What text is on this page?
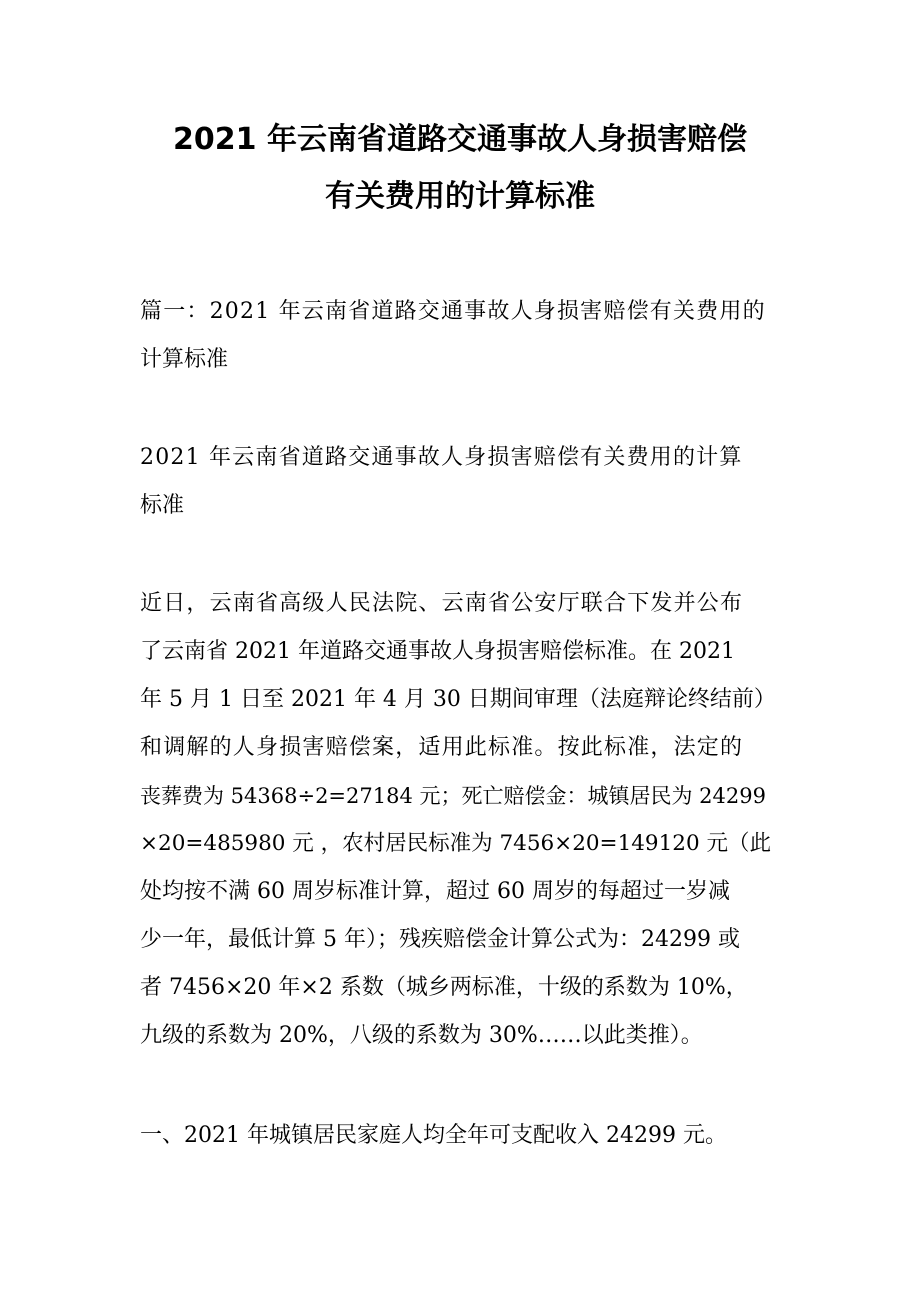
2021 年云南省道路交通事故人身损害赔偿
有关费用的计算标准
篇一：2021 年云南省道路交通事故人身损害赔偿有关费用的
计算标准
2021 年云南省道路交通事故人身损害赔偿有关费用的计算
标准
近日，云南省高级人民法院、云南省公安厅联合下发并公布
了云南省 2021 年道路交通事故人身损害赔偿标准。在 2021
年 5 月 1 日至 2021 年 4 月 30 日期间审理（法庭辩论终结前）
和调解的人身损害赔偿案，适用此标准。按此标准，法定的
丧葬费为 54368÷2=27184 元；死亡赔偿金：城镇居民为 24299
×20=485980 元 ，农村居民标准为 7456×20=149120 元（此
处均按不满 60 周岁标准计算，超过 60 周岁的每超过一岁减
少一年，最低计算 5 年）；残疾赔偿金计算公式为：24299 或
者 7456×20 年×2 系数（城乡两标准，十级的系数为 10%，
九级的系数为 20%，八级的系数为 30%……以此类推）。
一、2021 年城镇居民家庭人均全年可支配收入 24299 元。
